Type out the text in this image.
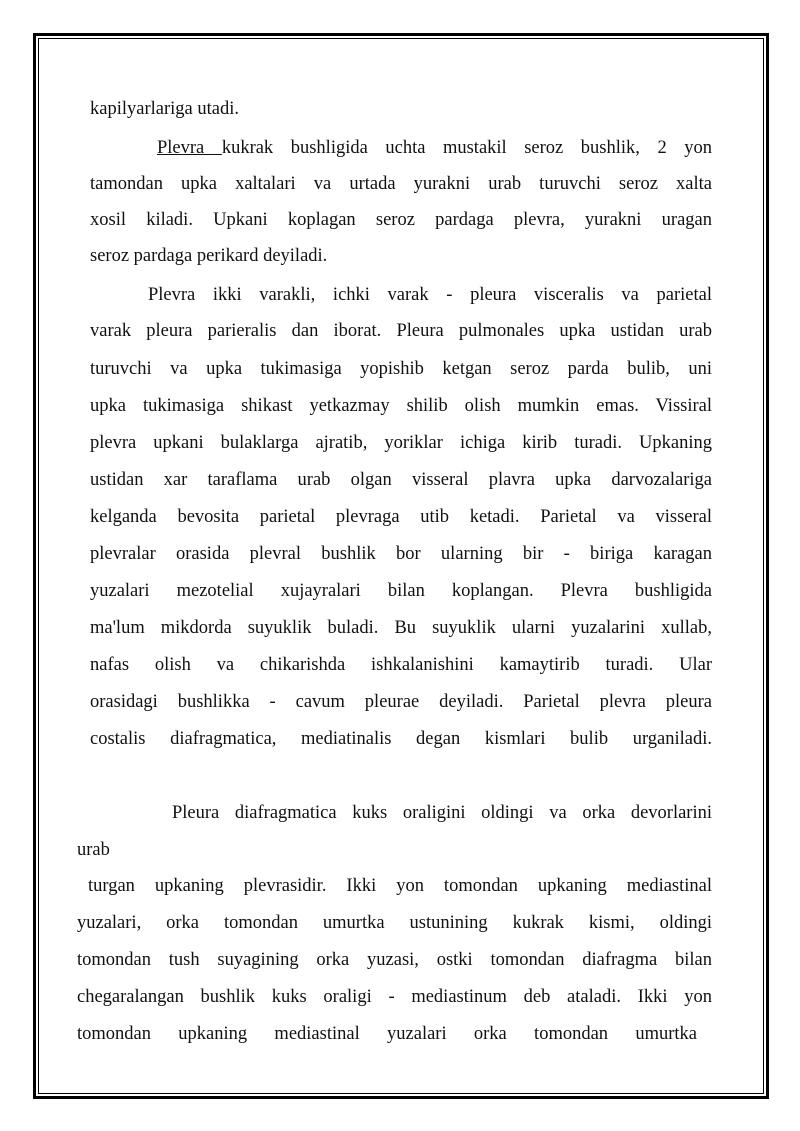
kapilyarlariga utadi.

Plevra kukrak bushligida uchta mustakil seroz bushlik, 2 yon

tamondan upka xaltalari va urtada yurakni urab turuvchi seroz xalta

xosil kiladi. Upkani koplagan seroz pardaga plevra, yurakni uragan

seroz pardaga perikard deyiladi.

Plevra ikki varakli, ichki varak - pleura visceralis va parietal

varak pleura parieralis dan iborat. Pleura pulmonales upka ustidan urab

turuvchi va upka tukimasiga yopishib ketgan seroz parda bulib, uni

upka tukimasiga shikast yetkazmay shilib olish mumkin emas. Vissiral

plevra upkani bulaklarga ajratib, yoriklar ichiga kirib turadi. Upkaning

ustidan xar taraflama urab olgan visseral plavra upka darvozalariga

kelganda bevosita parietal plevraga utib ketadi. Parietal va visseral

plevralar orasida plevral bushlik bor ularning bir - biriga karagan

yuzalari mezotelial xujayralari bilan koplangan. Plevra bushligida

ma'lum mikdorda suyuklik buladi. Bu suyuklik ularni yuzalarini xullab,

nafas olish va chikarishda ishkalanishini kamaytirib turadi. Ular

orasidagi bushlikka - cavum pleurae deyiladi. Parietal plevra pleura

costalis diafragmatica, mediatinalis degan kismlari bulib urganiladi.

Pleura diafragmatica kuks oraligini oldingi va orka devorlarini

urab

turgan upkaning plevrasidir. Ikki yon tomondan upkaning mediastinal

yuzalari, orka tomondan umurtka ustunining kukrak kismi, oldingi

tomondan tush suyagining orka yuzasi, ostki tomondan diafragma bilan

chegaralangan bushlik kuks oraligi - mediastinum deb ataladi. Ikki yon

tomondan upkaning mediastinal yuzalari orka tomondan umurtka
